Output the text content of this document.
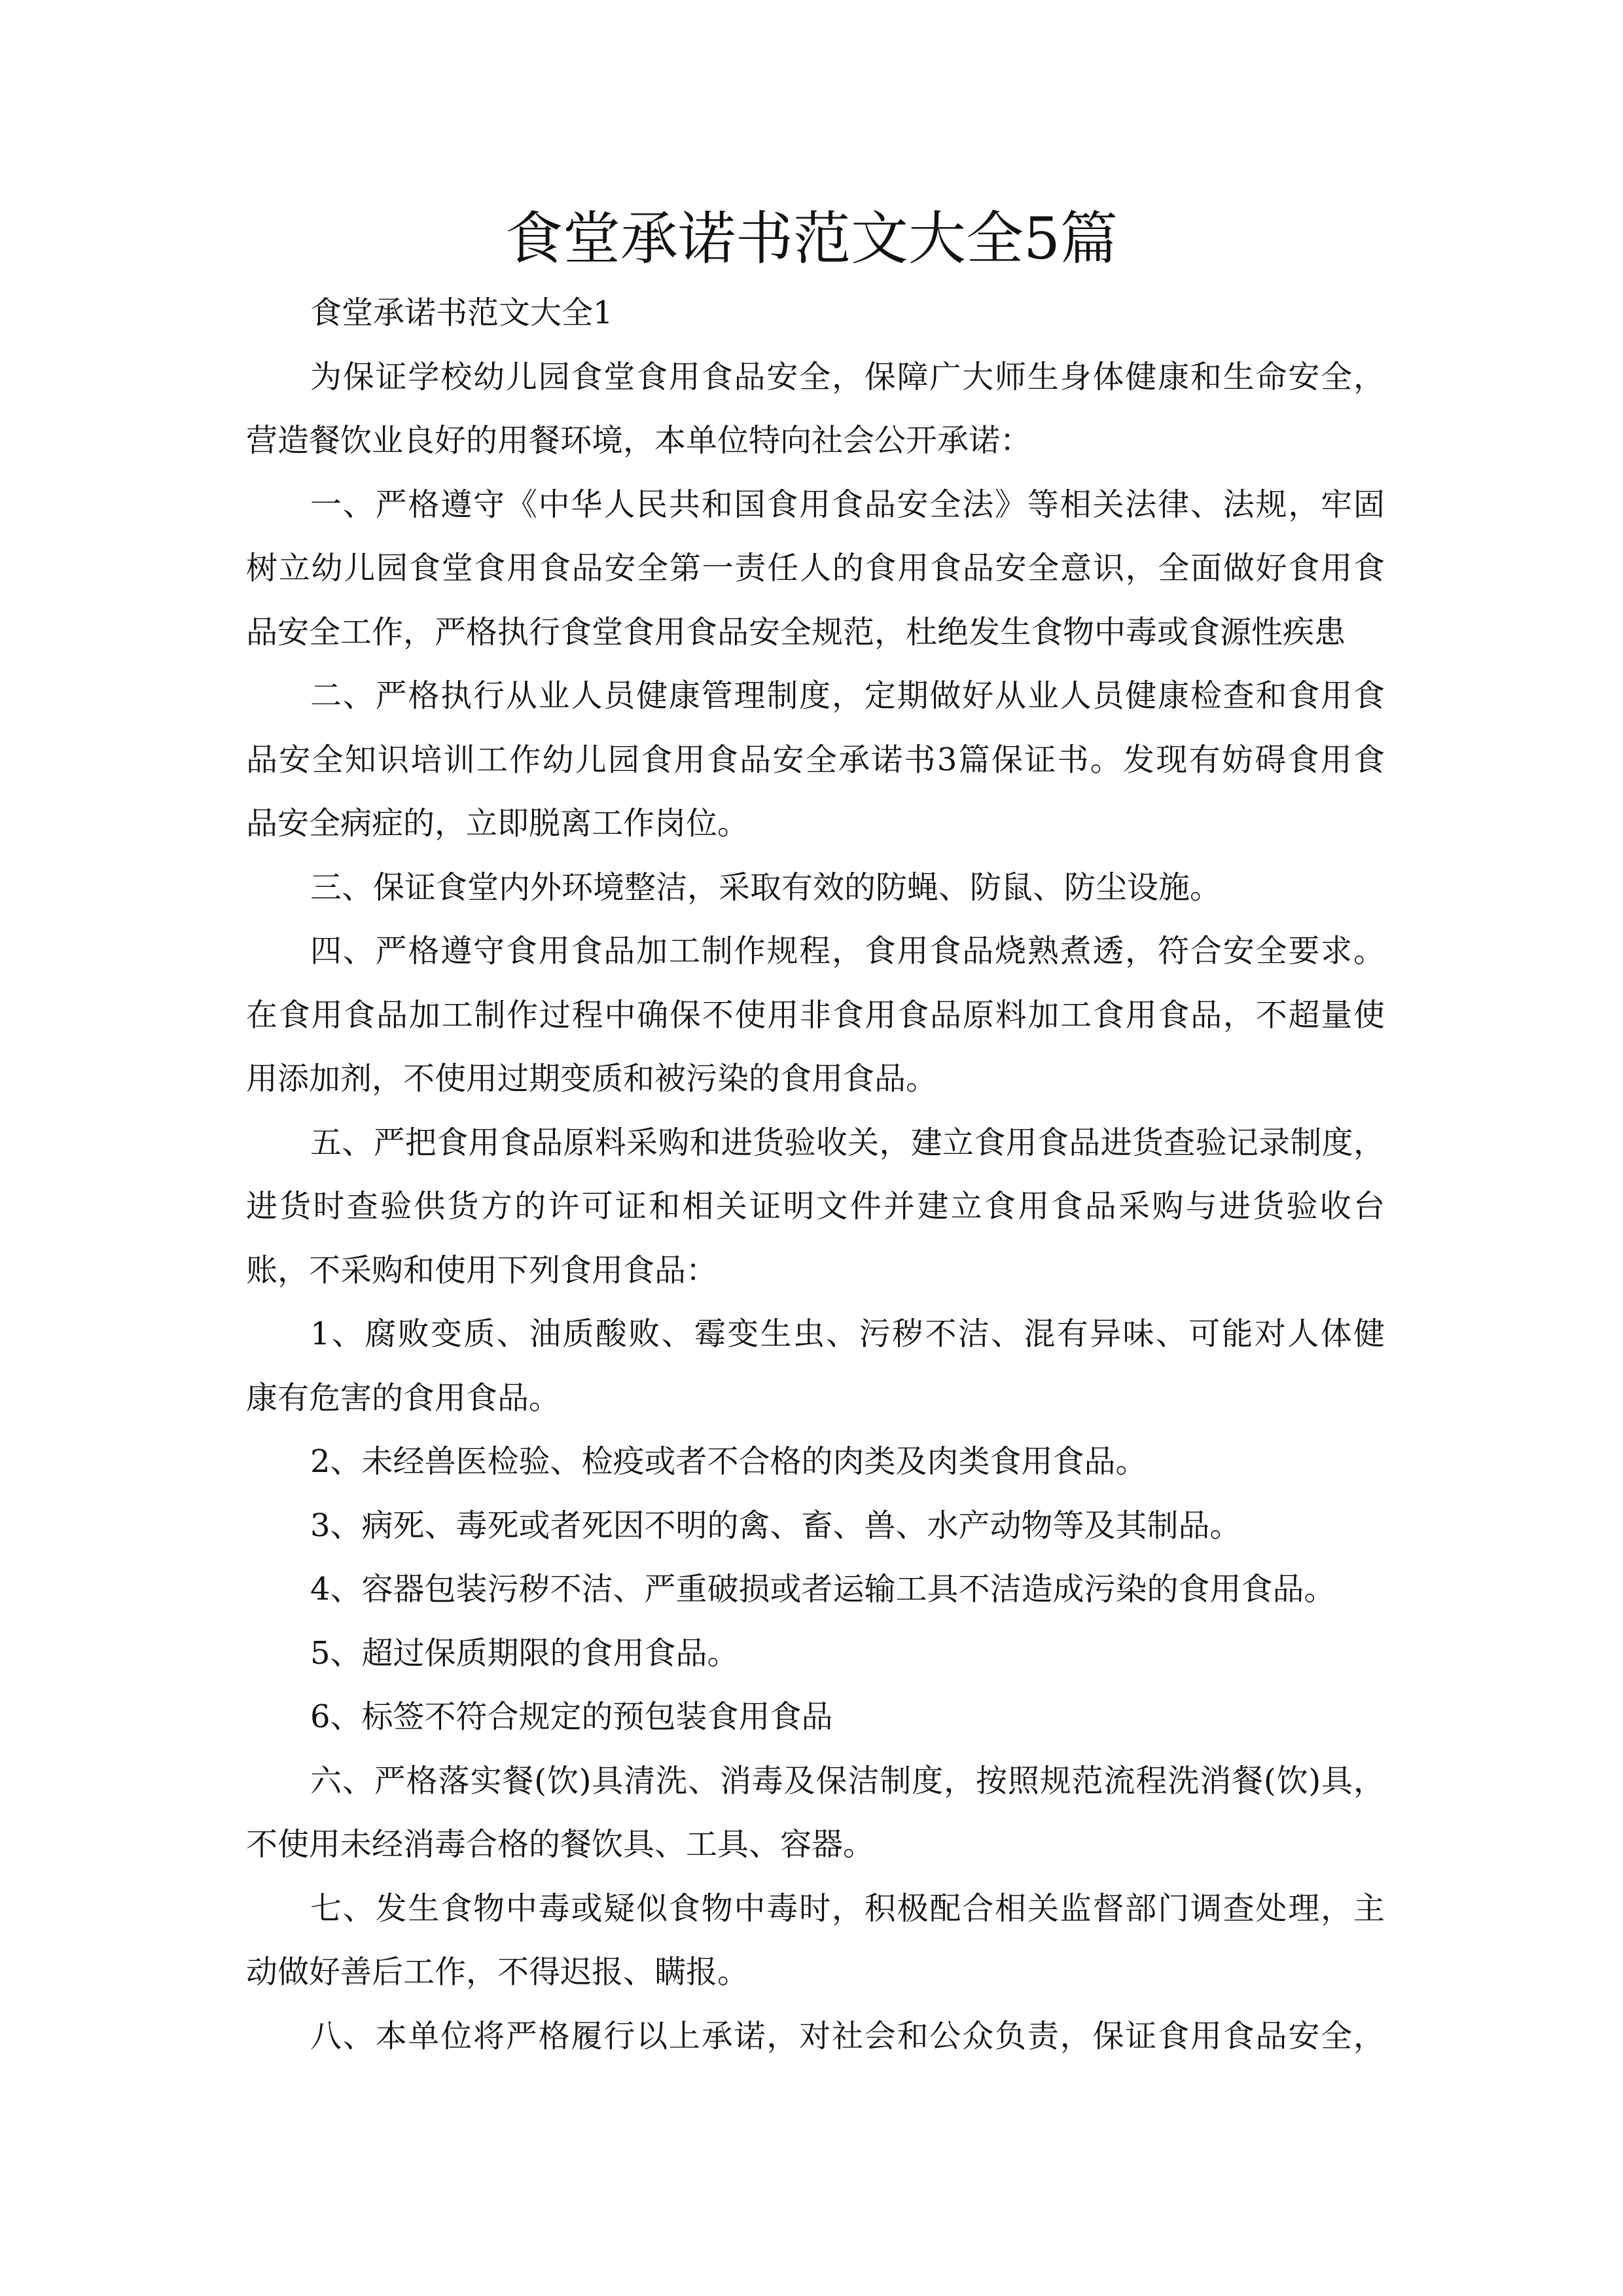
食堂承诺书范文大全5篇
食堂承诺书范文大全1
为保证学校幼儿园食堂食用食品安全，保障广大师生身体健康和生命安全，
营造餐饮业良好的用餐环境，本单位特向社会公开承诺：
一、严格遵守《中华人民共和国食用食品安全法》等相关法律、法规，牢固
树立幼儿园食堂食用食品安全第一责任人的食用食品安全意识，全面做好食用食
品安全工作，严格执行食堂食用食品安全规范，杜绝发生食物中毒或食源性疾患
二、严格执行从业人员健康管理制度，定期做好从业人员健康检查和食用食
品安全知识培训工作幼儿园食用食品安全承诺书3篇保证书。发现有妨碍食用食
品安全病症的，立即脱离工作岗位。
三、保证食堂内外环境整洁，采取有效的防蝇、防鼠、防尘设施。
四、严格遵守食用食品加工制作规程，食用食品烧熟煮透，符合安全要求。
在食用食品加工制作过程中确保不使用非食用食品原料加工食用食品，不超量使
用添加剂，不使用过期变质和被污染的食用食品。
五、严把食用食品原料采购和进货验收关，建立食用食品进货查验记录制度，
进货时查验供货方的许可证和相关证明文件并建立食用食品采购与进货验收台
账，不采购和使用下列食用食品：
1、腐败变质、油质酸败、霉变生虫、污秽不洁、混有异味、可能对人体健
康有危害的食用食品。
2、未经兽医检验、检疫或者不合格的肉类及肉类食用食品。
3、病死、毒死或者死因不明的禽、畜、兽、水产动物等及其制品。
4、容器包装污秽不洁、严重破损或者运输工具不洁造成污染的食用食品。
5、超过保质期限的食用食品。
6、标签不符合规定的预包装食用食品
六、严格落实餐(饮)具清洗、消毒及保洁制度，按照规范流程洗消餐(饮)具，
不使用未经消毒合格的餐饮具、工具、容器。
七、发生食物中毒或疑似食物中毒时，积极配合相关监督部门调查处理，主
动做好善后工作，不得迟报、瞒报。
八、本单位将严格履行以上承诺，对社会和公众负责，保证食用食品安全，
